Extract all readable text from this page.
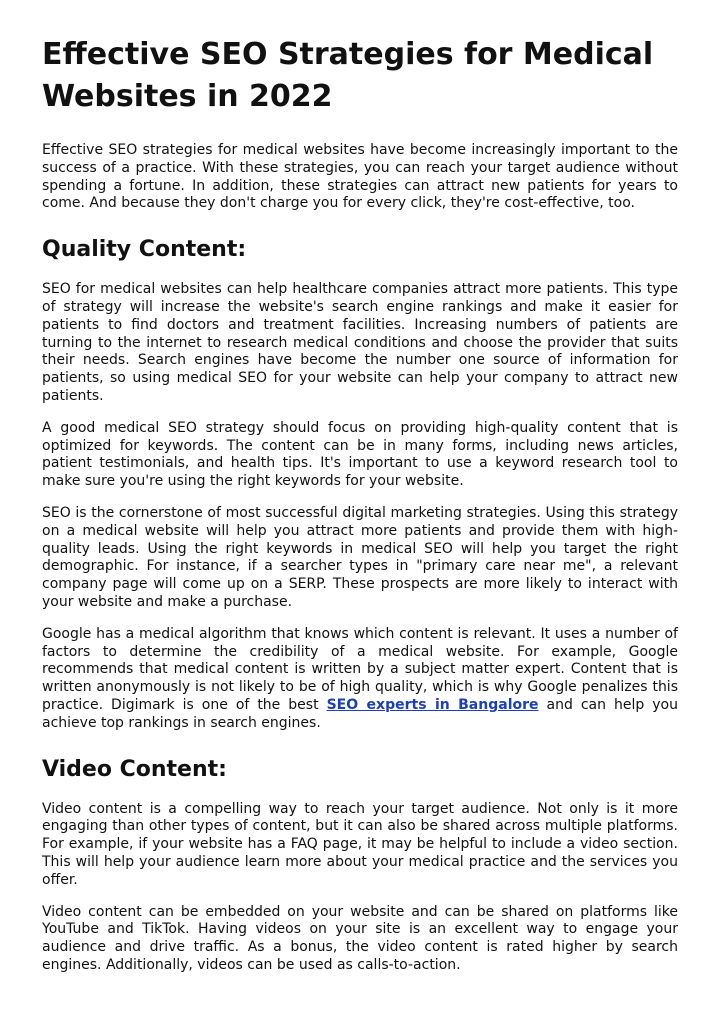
Effective SEO Strategies for Medical Websites in 2022

Effective SEO strategies for medical websites have become increasingly important to the success of a practice. With these strategies, you can reach your target audience without spending a fortune. In addition, these strategies can attract new patients for years to come. And because they don't charge you for every click, they're cost-effective, too.

Quality Content:

SEO for medical websites can help healthcare companies attract more patients. This type of strategy will increase the website's search engine rankings and make it easier for patients to find doctors and treatment facilities. Increasing numbers of patients are turning to the internet to research medical conditions and choose the provider that suits their needs. Search engines have become the number one source of information for patients, so using medical SEO for your website can help your company to attract new patients.

A good medical SEO strategy should focus on providing high-quality content that is optimized for keywords. The content can be in many forms, including news articles, patient testimonials, and health tips. It's important to use a keyword research tool to make sure you're using the right keywords for your website.

SEO is the cornerstone of most successful digital marketing strategies. Using this strategy on a medical website will help you attract more patients and provide them with high-quality leads. Using the right keywords in medical SEO will help you target the right demographic. For instance, if a searcher types in "primary care near me", a relevant company page will come up on a SERP. These prospects are more likely to interact with your website and make a purchase.

Google has a medical algorithm that knows which content is relevant. It uses a number of factors to determine the credibility of a medical website. For example, Google recommends that medical content is written by a subject matter expert. Content that is written anonymously is not likely to be of high quality, which is why Google penalizes this practice. Digimark is one of the best SEO experts in Bangalore and can help you achieve top rankings in search engines.

Video Content:

Video content is a compelling way to reach your target audience. Not only is it more engaging than other types of content, but it can also be shared across multiple platforms. For example, if your website has a FAQ page, it may be helpful to include a video section. This will help your audience learn more about your medical practice and the services you offer.

Video content can be embedded on your website and can be shared on platforms like YouTube and TikTok. Having videos on your site is an excellent way to engage your audience and drive traffic. As a bonus, the video content is rated higher by search engines. Additionally, videos can be used as calls-to-action.
